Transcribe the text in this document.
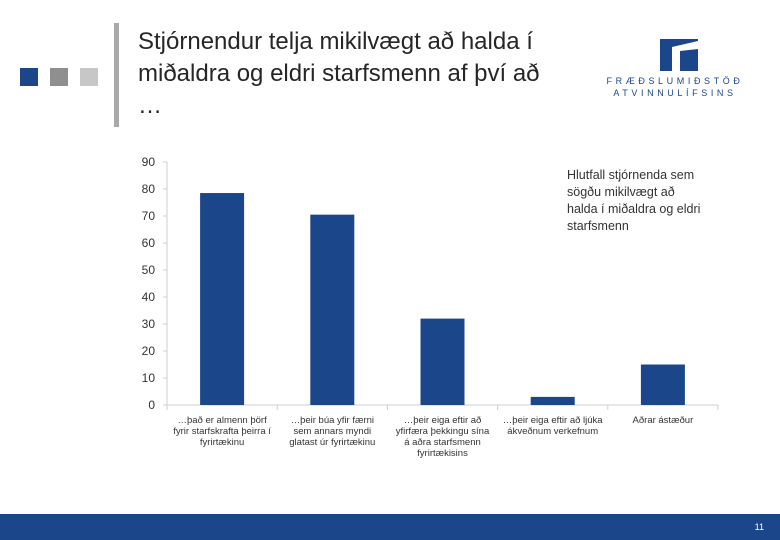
Stjórnendur telja mikilvægt að halda í miðaldra og eldri starfsmenn af því að …
FRÆÐSLUMIÐSTÖÐ
ATVINNULÍFSINS
0
10
20
30
40
50
60
70
80
90
…það er almenn þörf fyrir starfskrafta þeirra í fyrirtækinu
…þeir búa yfir færni sem annars myndi glatast úr fyrirtækinu
…þeir eiga eftir að yfirfæra þekkingu sína á aðra starfsmenn fyrirtækisins
…þeir eiga eftir að ljúka ákveðnum verkefnum
Aðrar ástæður
Hlutfall stjórnenda sem sögðu mikilvægt að halda í miðaldra og eldri starfsmenn
11
